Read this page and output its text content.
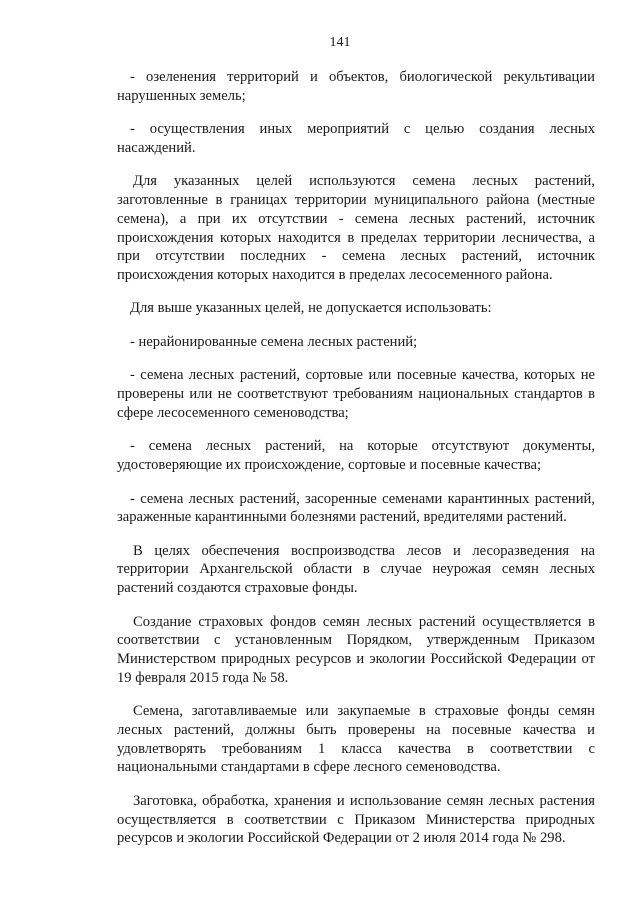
141

- озеленения территорий и объектов, биологической рекультивации нарушенных земель;

- осуществления иных мероприятий с целью создания лесных насаждений.

Для указанных целей используются семена лесных растений, заготовленные в границах территории муниципального района (местные семена), а при их отсутствии - семена лесных растений, источник происхождения которых находится в пределах территории лесничества, а при отсутствии последних - семена лесных растений, источник происхождения которых находится в пределах лесосеменного района.

Для выше указанных целей, не допускается использовать:

- нерайонированные семена лесных растений;

- семена лесных растений, сортовые или посевные качества, которых не проверены или не соответствуют требованиям национальных стандартов в сфере лесосеменного семеноводства;

- семена лесных растений, на которые отсутствуют документы, удостоверяющие их происхождение, сортовые и посевные качества;

- семена лесных растений, засоренные семенами карантинных растений, зараженные карантинными болезнями растений, вредителями растений.

В целях обеспечения воспроизводства лесов и лесоразведения на территории Архангельской области в случае неурожая семян лесных растений создаются страховые фонды.

Создание страховых фондов семян лесных растений осуществляется в соответствии с установленным Порядком, утвержденным Приказом Министерством природных ресурсов и экологии Российской Федерации от 19 февраля 2015 года № 58.

Семена, заготавливаемые или закупаемые в страховые фонды семян лесных растений, должны быть проверены на посевные качества и удовлетворять требованиям 1 класса качества в соответствии с национальными стандартами в сфере лесного семеноводства.

Заготовка, обработка, хранения и использование семян лесных растения осуществляется в соответствии с Приказом Министерства природных ресурсов и экологии Российской Федерации от 2 июля 2014 года № 298.
